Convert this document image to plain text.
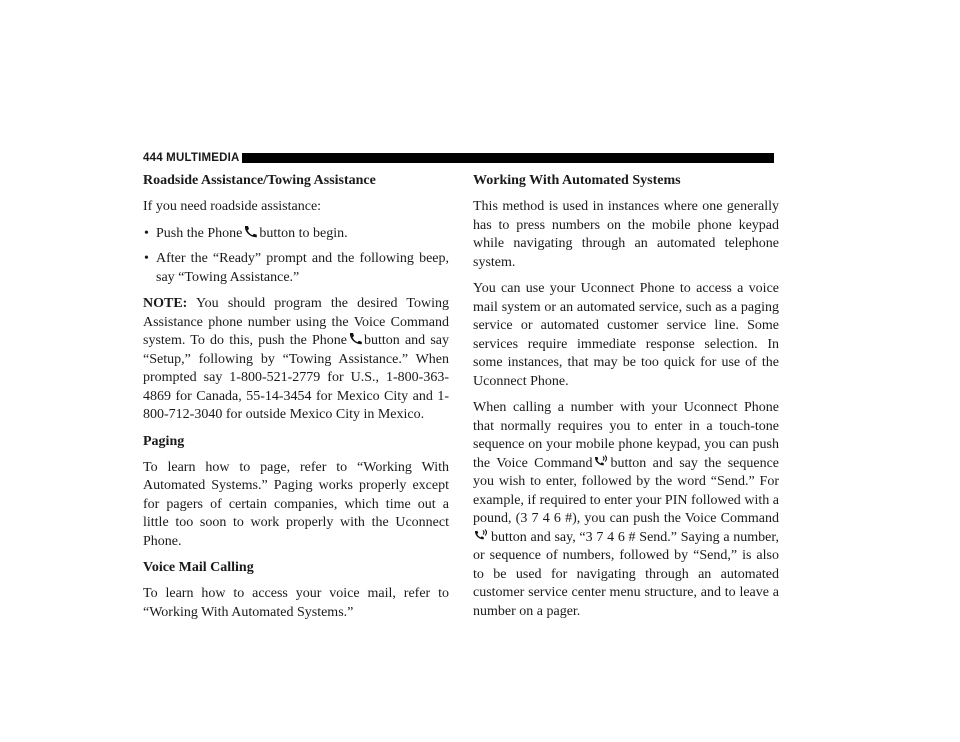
444 MULTIMEDIA
Roadside Assistance/Towing Assistance

If you need roadside assistance:

• Push the Phone button to begin.
• After the “Ready” prompt and the following beep, say “Towing Assistance.”

NOTE: You should program the desired Towing Assistance phone number using the Voice Command system. To do this, push the Phone button and say “Setup,” following by “Towing Assistance.” When prompted say 1-800-521-2779 for U.S., 1-800-363-4869 for Canada, 55-14-3454 for Mexico City and 1-800-712-3040 for outside Mexico City in Mexico.

Paging

To learn how to page, refer to “Working With Automated Systems.” Paging works properly except for pagers of certain companies, which time out a little too soon to work properly with the Uconnect Phone.

Voice Mail Calling

To learn how to access your voice mail, refer to “Working With Automated Systems.”

Working With Automated Systems

This method is used in instances where one generally has to press numbers on the mobile phone keypad while navigating through an automated telephone system.

You can use your Uconnect Phone to access a voice mail system or an automated service, such as a paging service or automated customer service line. Some services require immediate response selection. In some instances, that may be too quick for use of the Uconnect Phone.

When calling a number with your Uconnect Phone that normally requires you to enter in a touch-tone sequence on your mobile phone keypad, you can push the Voice Command button and say the sequence you wish to enter, followed by the word “Send.” For example, if required to enter your PIN followed with a pound, (3 7 4 6 #), you can push the Voice Command
button and say, “3 7 4 6 # Send.” Saying a number, or sequence of numbers, followed by “Send,” is also to be used for navigating through an automated customer service center menu structure, and to leave a number on a pager.
